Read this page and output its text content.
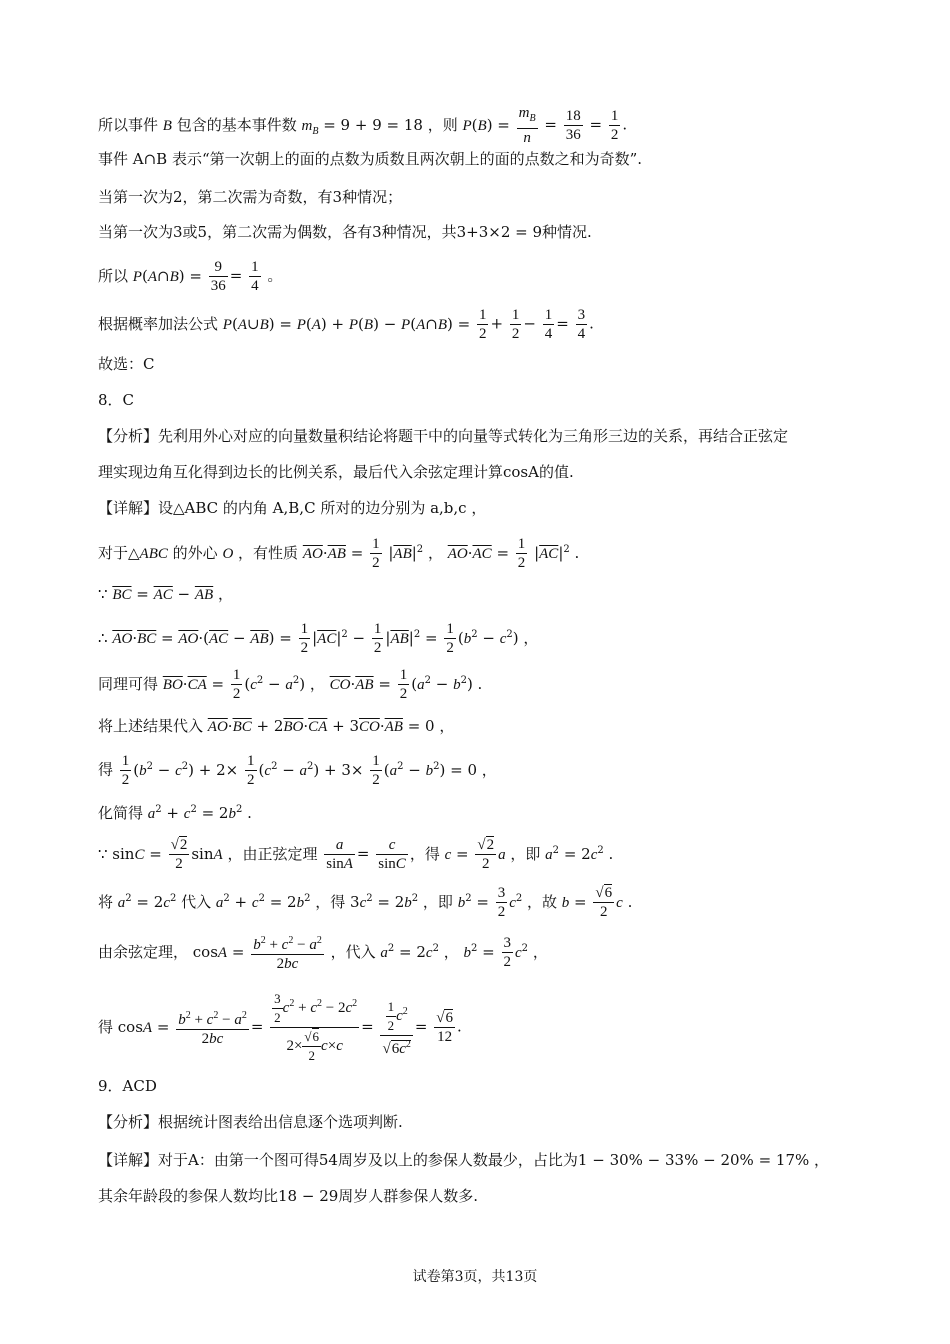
所以事件 B 包含的基本事件数 $m_B = 9 + 9 = 18$ ，则 $P(B) = \frac{m_B}{n} = \frac{18}{36} = \frac{1}{2}$ .
事件 A∩B 表示“第一次朝上的面的点数为质数且两次朝上的面的点数之和为奇数”.
当第一次为2，第二次需为奇数，有3种情况；
当第一次为3或5，第二次需为偶数，各有3种情况，共3+3×2 = 9种情况.
所以 P(A∩B) = $\frac{9}{36} = \frac{1}{4}$ 。
根据概率加法公式 P(A∪B) = P(A) + P(B) − P(A∩B) = $\frac{1}{2} + \frac{1}{2} - \frac{1}{4} = \frac{3}{4}$ .
故选：C
8．C
【分析】先利用外心对应的向量数量积结论将题干中的向量等式转化为三角形三边的关系，再结合正弦定
理实现边角互化得到边长的比例关系，最后代入余弦定理计算cosA的值.
【详解】设△ABC 的内角 A,B,C 所对的边分别为 a,b,c ，
对于△ABC 的外心 O ，有性质 $\overline{AO}\cdot\overline{AB} = \frac{1}{2} |\overline{AB}|^2$ ， $\overline{AO}\cdot\overline{AC} = \frac{1}{2} |\overline{AC}|^2$ .
∵ $\overline{BC} = \overline{AC} - \overline{AB}$ ，
∴ $\overline{AO}\cdot\overline{BC} = \overline{AO}\cdot(\overline{AC} - \overline{AB}) = \frac{1}{2} |\overline{AC}|^2 - \frac{1}{2} |\overline{AB}|^2 = \frac{1}{2} (b^2 - c^2)$ ，
同理可得 $\overline{BO}\cdot\overline{CA} = \frac{1}{2} (c^2 - a^2)$ ， $\overline{CO}\cdot\overline{AB} = \frac{1}{2} (a^2 - b^2)$ .
将上述结果代入 $\overline{AO}\cdot\overline{BC} + 2\overline{BO}\cdot\overline{CA} + 3\overline{CO}\cdot\overline{AB} = 0$ ，
得 $\frac{1}{2} (b^2 - c^2) + 2\times \frac{1}{2} (c^2 - a^2) + 3\times \frac{1}{2} (a^2 - b^2) = 0$ ，
化简得 $a^2 + c^2 = 2b^2$ .
∵ $\sin C = \frac{√2}{2}$ sinA ，由正弦定理 $\frac{a}{\sin A} = \frac{c}{\sin C}$ ，得 $c = \frac{√2}{2}$ a ，即 $a^2 = 2c^2$ .
将 $a^2 = 2c^2$ 代入 $a^2 + c^2 = 2b^2$ ，得 $3c^2 = 2b^2$ ，即 $b^2 = \frac{3}{2} c^2$ ，故 $b = \frac{√6}{2}$ c .
由余弦定理， $\cos A = \frac{b^2 + c^2 - a^2}{2bc}$ ，代入 $a^2 = 2c^2$ ， $b^2 = \frac{3}{2} c^2$ ，
得 $\cos A = \frac{b^2 + c^2 - a^2}{2bc} = \frac{\frac{3}{2} c^2 + c^2 - 2c^2}{2\times \frac{√6}{2} c\times c} = \frac{\frac{1}{2} c^2}{√6c^2} = \frac{√6}{12}$ .
9．ACD
【分析】根据统计图表给出信息逐个选项判断.
【详解】对于A：由第一个图可得54周岁及以上的参保人数最少，占比为1 − 30% − 33% − 20% = 17% ，
其余年龄段的参保人数均比18 − 29周岁人群参保人数多.
试卷第3页，共13页
